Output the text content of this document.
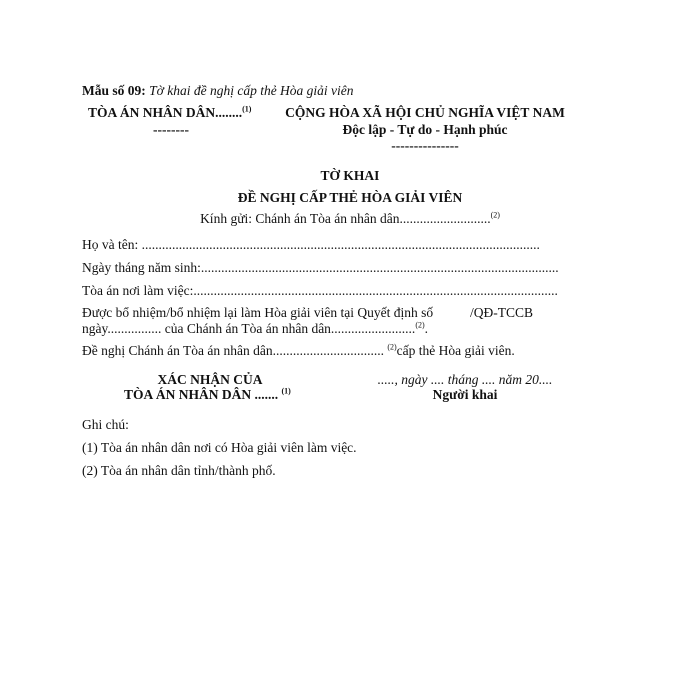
Mẫu số 09: Tờ khai đề nghị cấp thẻ Hòa giải viên
TÒA ÁN NHÂN DÂN........$^{(1)}$
--------
CỘNG HÒA XÃ HỘI CHỦ NGHĨA VIỆT NAM
Độc lập - Tự do - Hạnh phúc
---------------
TỜ KHAI
ĐỀ NGHỊ CẤP THẺ HÒA GIẢI VIÊN
Kính gửi: Chánh án Tòa án nhân dân...........................$^{(2)}$
Họ và tên: ......................................................................................................................
Ngày tháng năm sinh:..........................................................................................................
Tòa án nơi làm việc:............................................................................................................
Được bổ nhiệm/bổ nhiệm lại làm Hòa giải viên tại Quyết định số	/QĐ-TCCB
ngày................ của Chánh án Tòa án nhân dân.........................$^{(2)}$.
Đề nghị Chánh án Tòa án nhân dân................................. $^{(2)}$cấp thẻ Hòa giải viên.
XÁC NHẬN CỦA
TÒA ÁN NHÂN DÂN ....... $^{(1)}$
....., ngày .... tháng .... năm 20....
Người khai
Ghi chú:
(1) Tòa án nhân dân nơi có Hòa giải viên làm việc.
(2) Tòa án nhân dân tỉnh/thành phố.
